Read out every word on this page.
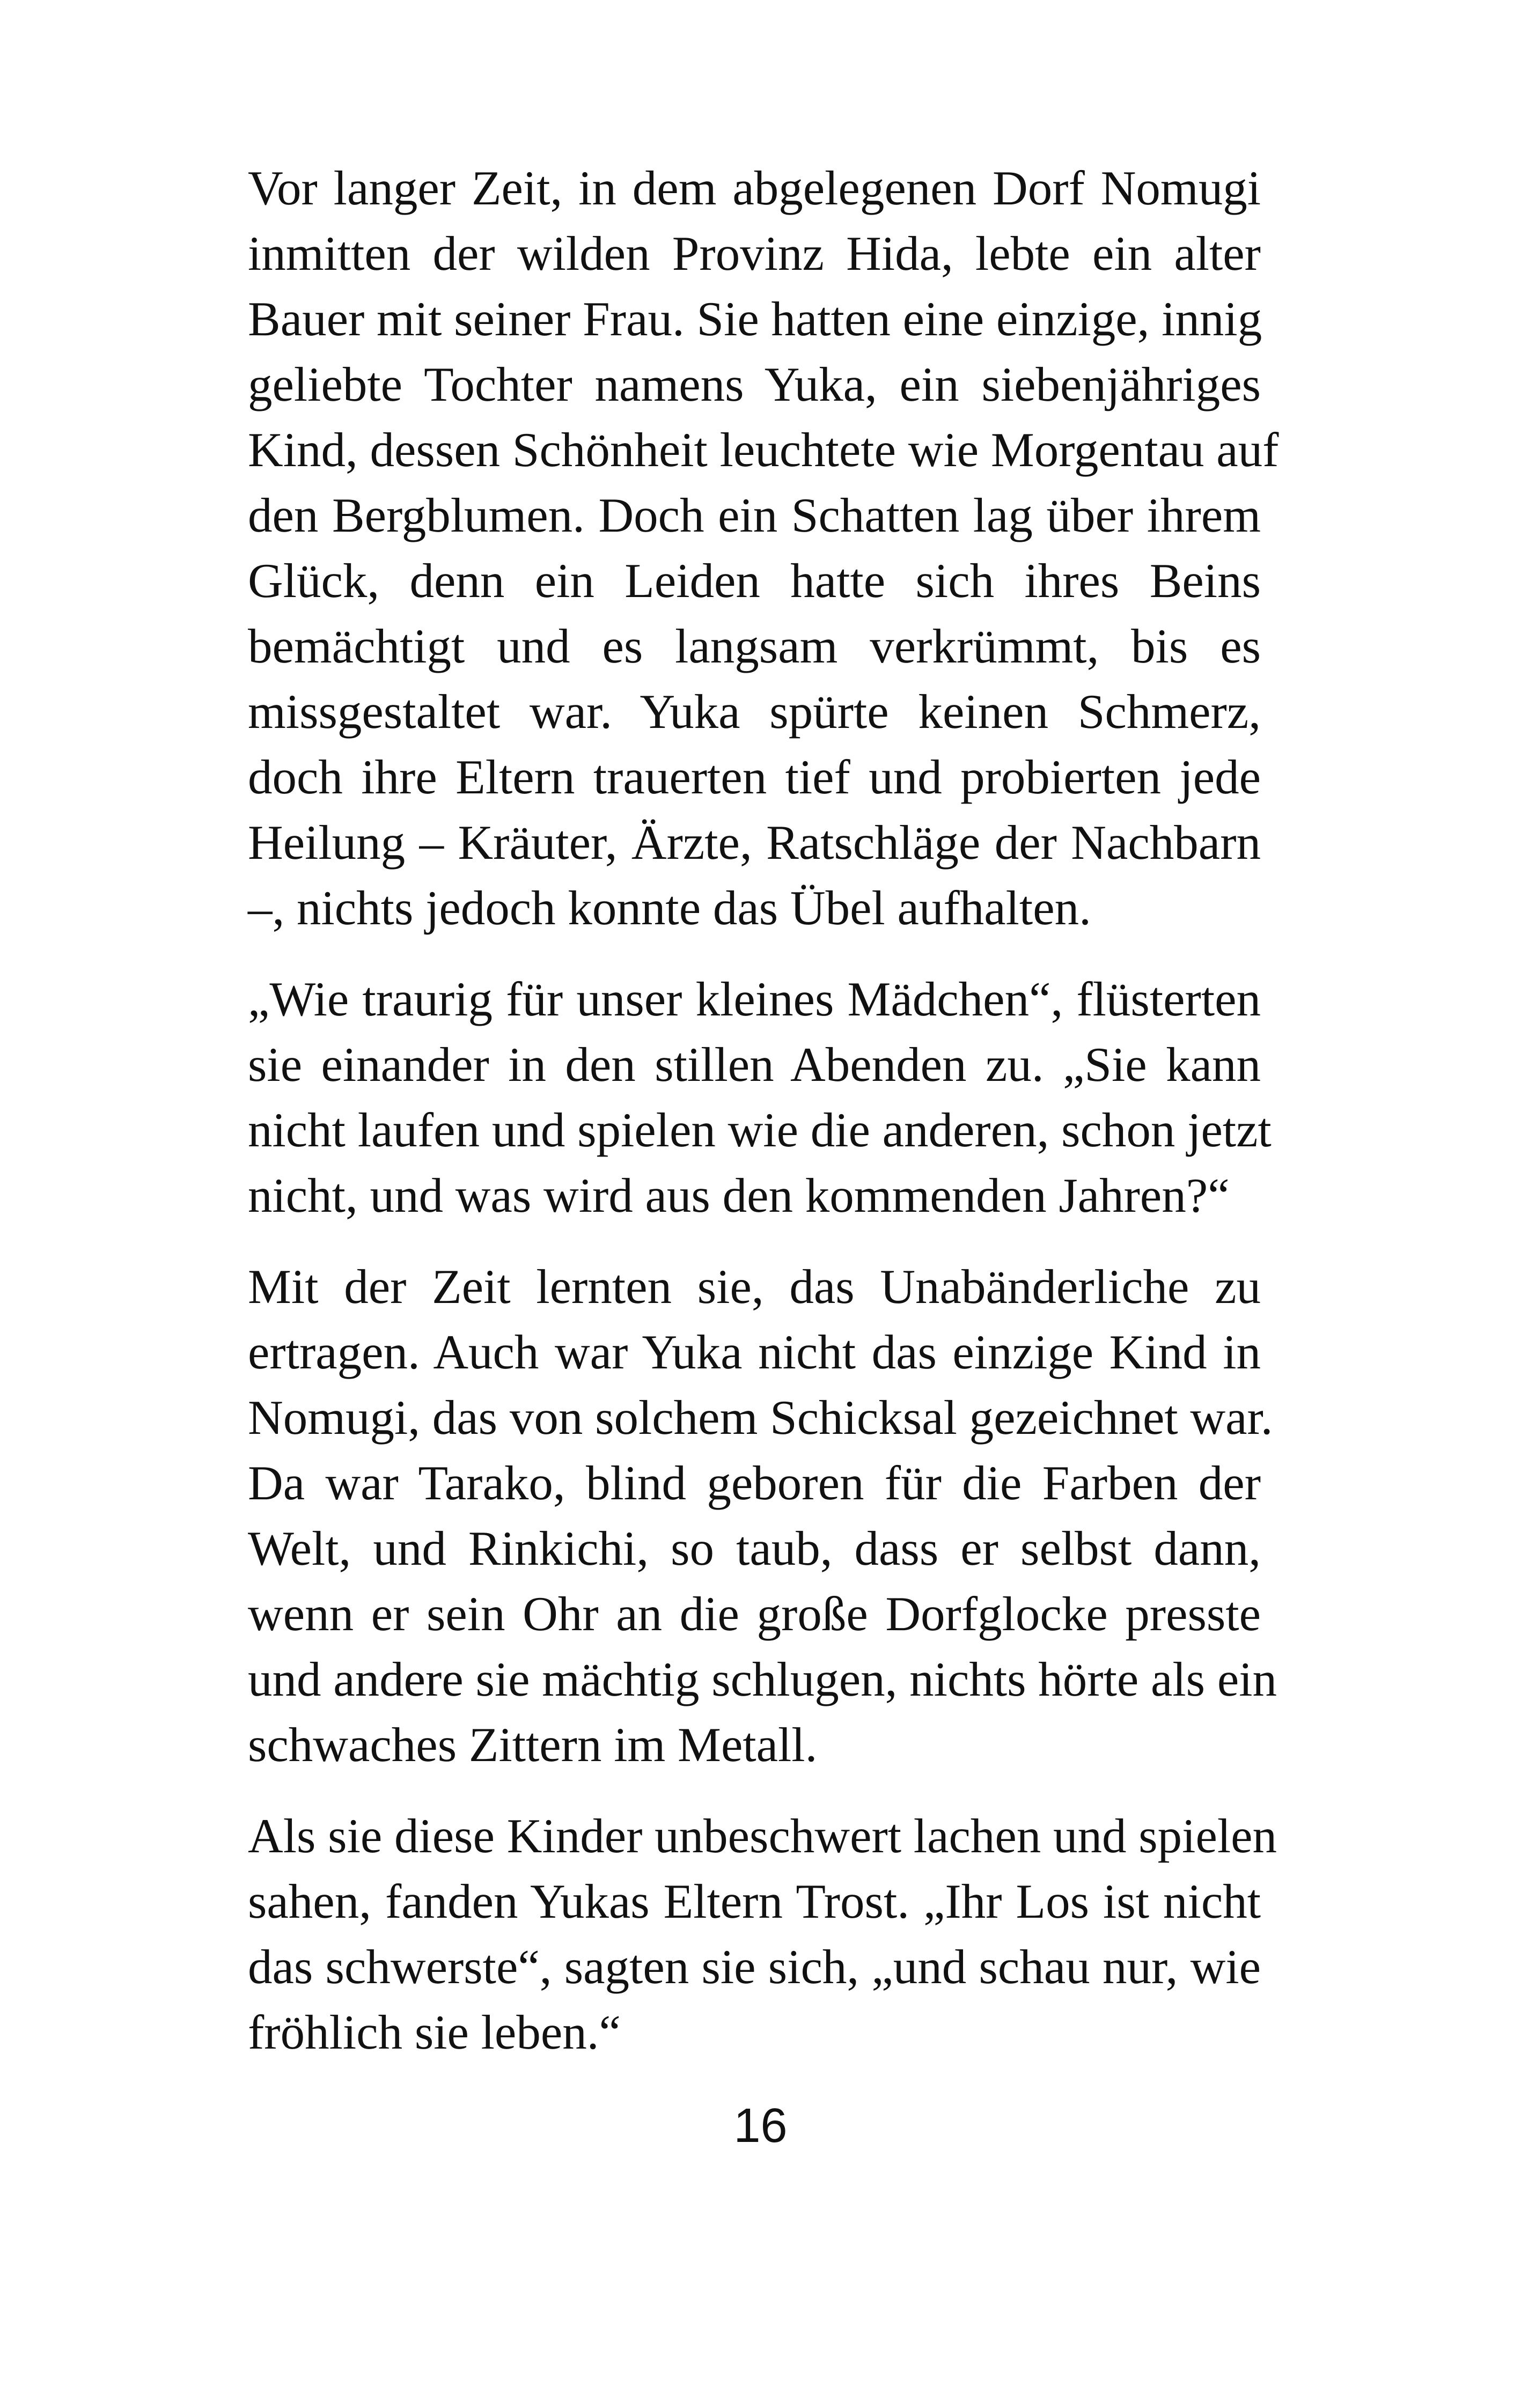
Vor langer Zeit, in dem abgelegenen Dorf Nomugi
inmitten der wilden Provinz Hida, lebte ein alter
Bauer mit seiner Frau. Sie hatten eine einzige, innig
geliebte Tochter namens Yuka, ein siebenjähriges
Kind, dessen Schönheit leuchtete wie Morgentau auf
den Bergblumen. Doch ein Schatten lag über ihrem
Glück, denn ein Leiden hatte sich ihres Beins
bemächtigt und es langsam verkrümmt, bis es
missgestaltet war. Yuka spürte keinen Schmerz,
doch ihre Eltern trauerten tief und probierten jede
Heilung – Kräuter, Ärzte, Ratschläge der Nachbarn
–, nichts jedoch konnte das Übel aufhalten.
„Wie traurig für unser kleines Mädchen“, flüsterten
sie einander in den stillen Abenden zu. „Sie kann
nicht laufen und spielen wie die anderen, schon jetzt
nicht, und was wird aus den kommenden Jahren?“
Mit der Zeit lernten sie, das Unabänderliche zu
ertragen. Auch war Yuka nicht das einzige Kind in
Nomugi, das von solchem Schicksal gezeichnet war.
Da war Tarako, blind geboren für die Farben der
Welt, und Rinkichi, so taub, dass er selbst dann,
wenn er sein Ohr an die große Dorfglocke presste
und andere sie mächtig schlugen, nichts hörte als ein
schwaches Zittern im Metall.
Als sie diese Kinder unbeschwert lachen und spielen
sahen, fanden Yukas Eltern Trost. „Ihr Los ist nicht
das schwerste“, sagten sie sich, „und schau nur, wie
fröhlich sie leben.“
16
